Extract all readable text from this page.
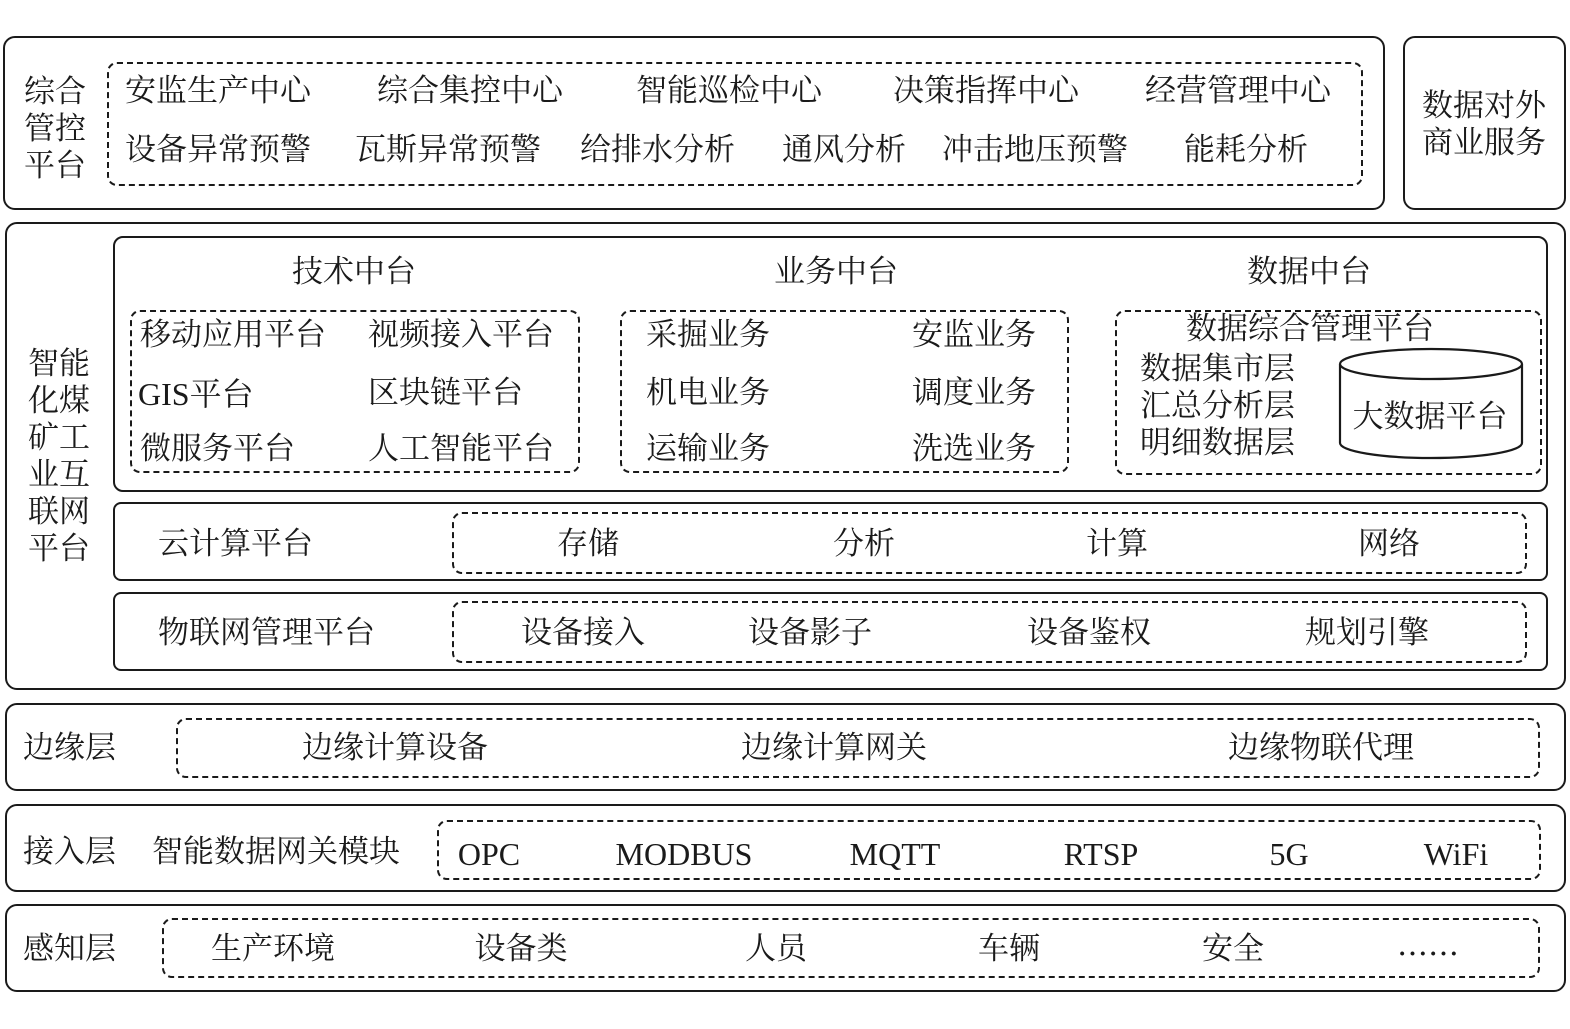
综合管控平台
安监生产中心 综合集控中心 智能巡检中心 决策指挥中心 经营管理中心
设备异常预警 瓦斯异常预警 给排水分析 通风分析 冲击地压预警 能耗分析
数据对外商业服务
智能化煤矿工业互联网平台
技术中台
移动应用平台 视频接入平台
GIS平台	区块链平台
微服务平台 人工智能平台
业务中台
采掘业务	安监业务
机电业务	调度业务
运输业务	洗选业务
数据中台
数据综合管理平台
数据集市层
汇总分析层
明细数据层
大数据平台
云计算平台	存储	分析	计算	网络
物联网管理平台	设备接入	设备影子	设备鉴权	规划引擎
边缘层	边缘计算设备	边缘计算网关	边缘物联代理
接入层 智能数据网关模块 OPC	MODBUS	MQTT	RTSP	5G	WiFi
感知层	生产环境	设备类	人员	车辆	安全	……
